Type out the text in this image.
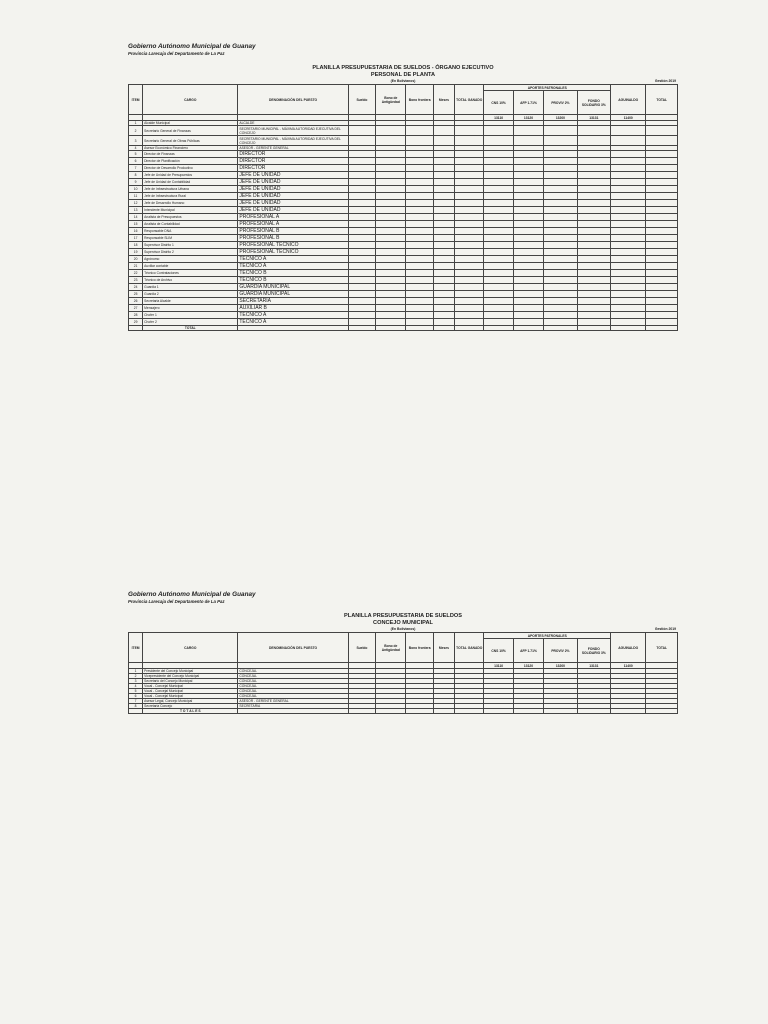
Gobierno Autónomo Municipal de Guanay
Provincia Larecaja del Departamento de La Paz
PLANILLA PRESUPUESTARIA DE SUELDOS - ÓRGANO EJECUTIVO
PERSONAL DE PLANTA
(En Bolivianos)	Gestión 2019
ITEM	CARGO	DENOMINACIÓN DEL PUESTO	Sueldo	Bono de Antigüedad	Bono frontera	Meses	TOTAL GANADO	APORTES PATRONALES				AGUINALDO	TOTAL
								CNS 10%	AFP 1.71%	PROVIV 2%	FONDO SOLIDARIO 3%		
								13110	13120	13200	13131	11400	
1	Alcalde Municipal	ALCALDE											
2	Secretario General de Finanzas	SECRETARIO MUNICIPAL - MÁXIMA AUTORIDAD EJECUTIVA DEL CONCEJO											
3	Secretario General de Obras Públicas	SECRETARIO MUNICIPAL - MÁXIMA AUTORIDAD EJECUTIVA DEL CONCEJO											
4	Asesor Económico Financiero	ASESOR - GERENTE GENERAL											
5	Director de Finanzas	DIRECTOR											
6	Director de Planificación	DIRECTOR											
7	Director de Desarrollo Productivo	DIRECTOR											
8	Jefe de Unidad de Presupuestos	JEFE DE UNIDAD											
9	Jefe de Unidad de Contabilidad	JEFE DE UNIDAD											
10	Jefe de Infraestructura Urbana	JEFE DE UNIDAD											
11	Jefe de Infraestructura Rural	JEFE DE UNIDAD											
12	Jefe de Desarrollo Humano	JEFE DE UNIDAD											
13	Intendente Municipal	JEFE DE UNIDAD											
14	Analista de Presupuestos	PROFESIONAL A											
15	Analista de Contabilidad	PROFESIONAL A											
16	Responsable DNA	PROFESIONAL B											
17	Responsable SLIM	PROFESIONAL B											
18	Supervisor Distrito 1	PROFESIONAL TECNICO											
19	Supervisor Distrito 2	PROFESIONAL TECNICO											
20	Agrónomo	TECNICO A											
21	Auxiliar contable	TECNICO A											
22	Técnico Contrataciones	TECNICO B											
23	Técnico de Archivo	TECNICO B											
24	Guardia 1	GUARDIA MUNICIPAL											
25	Guardia 2	GUARDIA MUNICIPAL											
26	Secretaria Alcalde	SECRETARIA											
27	Mensajero	AUXILIAR B											
28	Chofer 1	TECNICO A											
29	Chofer 2	TECNICO A											
	TOTAL												
Gobierno Autónomo Municipal de Guanay
Provincia Larecaja del Departamento de La Paz
PLANILLA PRESUPUESTARIA DE SUELDOS
CONCEJO MUNICIPAL
(En Bolivianos)	Gestión 2019
ITEM	CARGO	DENOMINACIÓN DEL PUESTO	Sueldo	Bono de Antigüedad	Bono frontera	Meses	TOTAL GANADO	APORTES PATRONALES				AGUINALDO	TOTAL
								CNS 10%	AFP 1.71%	PROVIV 2%	FONDO SOLIDARIO 3%		
								13110	13120	13200	13131	11400	
1	Presidente del Concejo Municipal	CONCEJAL											
2	Vicepresidente del Concejo Municipal	CONCEJAL											
3	Secretario del Concejo Municipal	CONCEJAL											
4	Vocal - Concejal Municipal	CONCEJAL											
5	Vocal - Concejal Municipal	CONCEJAL											
6	Vocal - Concejal Municipal	CONCEJAL											
7	Asesor Legal, Concejo Municipal	ASESOR - GERENTE GENERAL											
8	Secretaria Concejo	SECRETARIA											
	T O T A L E S												
